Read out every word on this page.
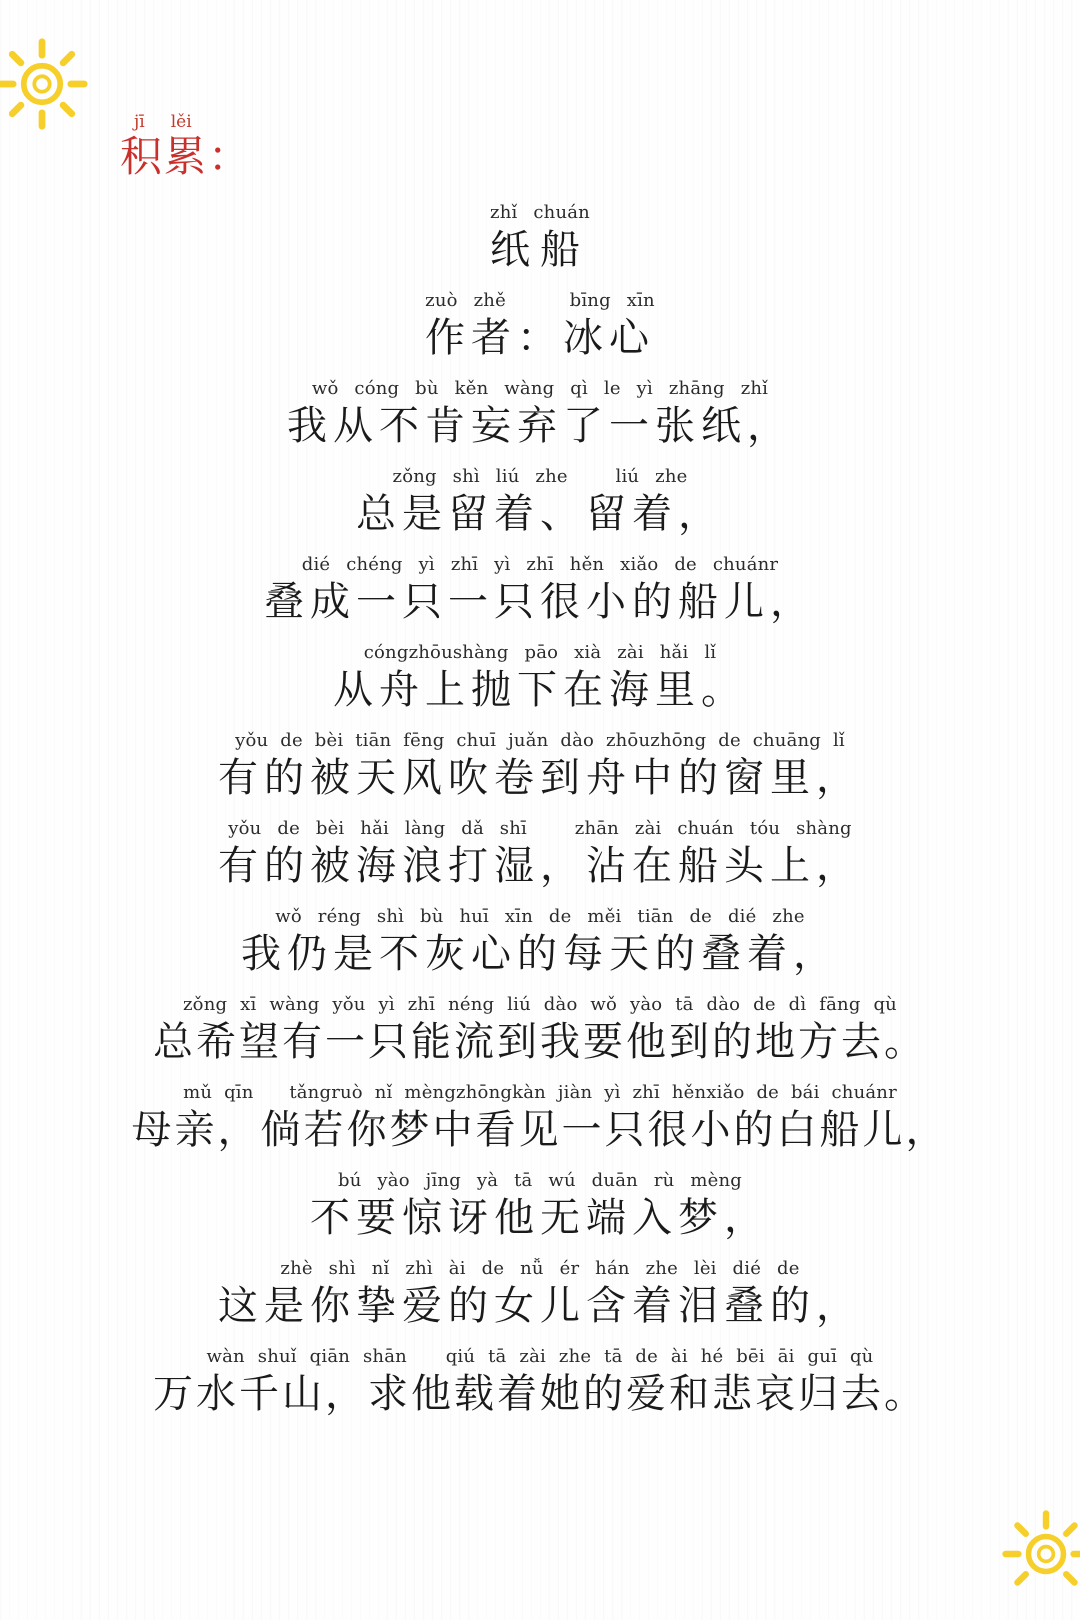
jī lěi
积累：
zhǐ chuán
纸船
zuò zhě    bīng xīn
作者：冰心
wǒ cóng bù kěn wàng qì le yì zhāng zhǐ
我从不肯妄弃了一张纸，
zǒng shì liú zhe   liú zhe
总是留着、留着，
dié chéng yì zhī yì zhī hěn xiǎo de chuánr
叠成一只一只很小的船儿，
cóngzhōushàng pāo xià zài hǎi lǐ
从舟上抛下在海里。
yǒu de bèi tiān fēng chuī juǎn dào zhōuzhōng de chuāng lǐ
有的被天风吹卷到舟中的窗里，
yǒu de bèi hǎi làng dǎ shī   zhān zài chuán tóu shàng
有的被海浪打湿，沾在船头上，
wǒ réng shì bù huī xīn de měi tiān de dié zhe
我仍是不灰心的每天的叠着，
zǒng xī wàng yǒu yì zhī néng liú dào wǒ yào tā dào de dì fāng qù
总希望有一只能流到我要他到的地方去。
mǔ qīn   tǎngruò nǐ mèngzhōngkàn jiàn yì zhī hěnxiǎo de bái chuánr
母亲，倘若你梦中看见一只很小的白船儿，
bú yào jīng yà tā wú duān rù mèng
不要惊讶他无端入梦，
zhè shì nǐ zhì ài de nǚ ér hán zhe lèi dié de
这是你挚爱的女儿含着泪叠的，
wàn shuǐ qiān shān   qiú tā zài zhe tā de ài hé bēi āi guī qù
万水千山，求他载着她的爱和悲哀归去。
